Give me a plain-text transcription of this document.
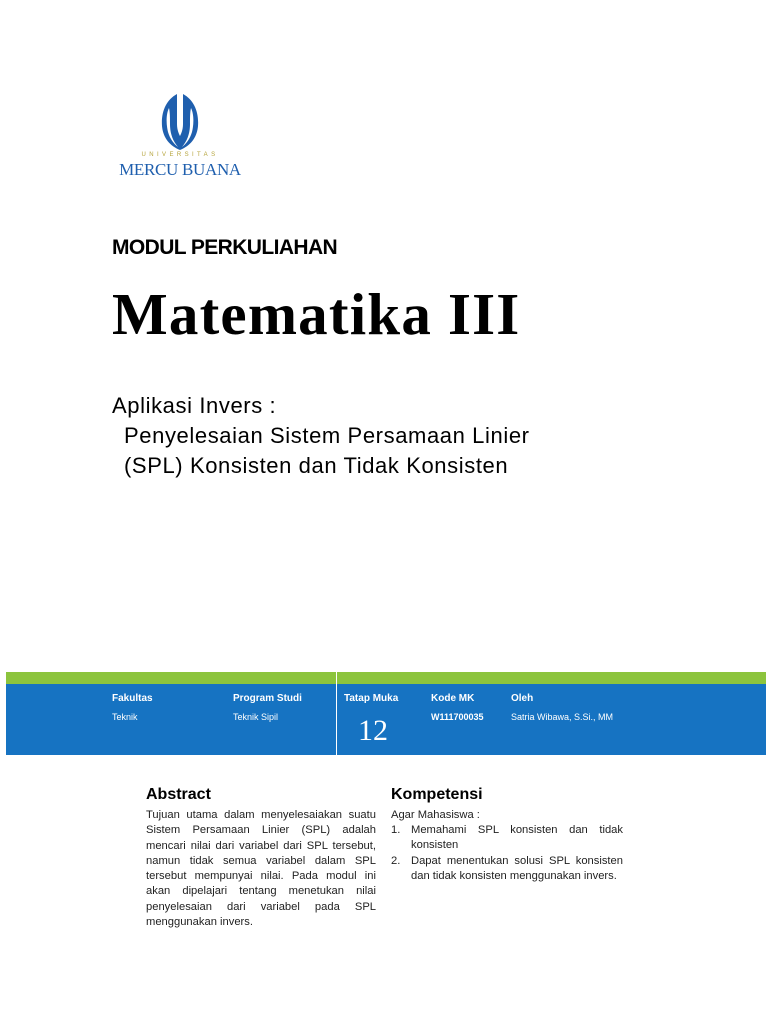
UNIVERSITAS
MERCU BUANA
MODUL PERKULIAHAN
Matematika III
Aplikasi Invers :
Penyelesaian Sistem Persamaan Linier
(SPL) Konsisten dan Tidak Konsisten
Fakultas
Teknik
Program Studi
Teknik Sipil
Tatap Muka
12
Kode MK
W111700035
Oleh
Satria Wibawa, S.Si., MM
Abstract
Tujuan utama dalam menyelesaiakan suatu Sistem Persamaan Linier (SPL) adalah mencari nilai dari variabel dari SPL tersebut, namun tidak semua variabel dalam SPL tersebut mempunyai nilai. Pada modul ini akan dipelajari tentang menetukan nilai penyelesaian dari variabel pada SPL menggunakan invers.
Kompetensi
Agar Mahasiswa :
1. Memahami SPL konsisten dan tidak konsisten
2. Dapat menentukan solusi SPL konsisten dan tidak konsisten menggunakan invers.
